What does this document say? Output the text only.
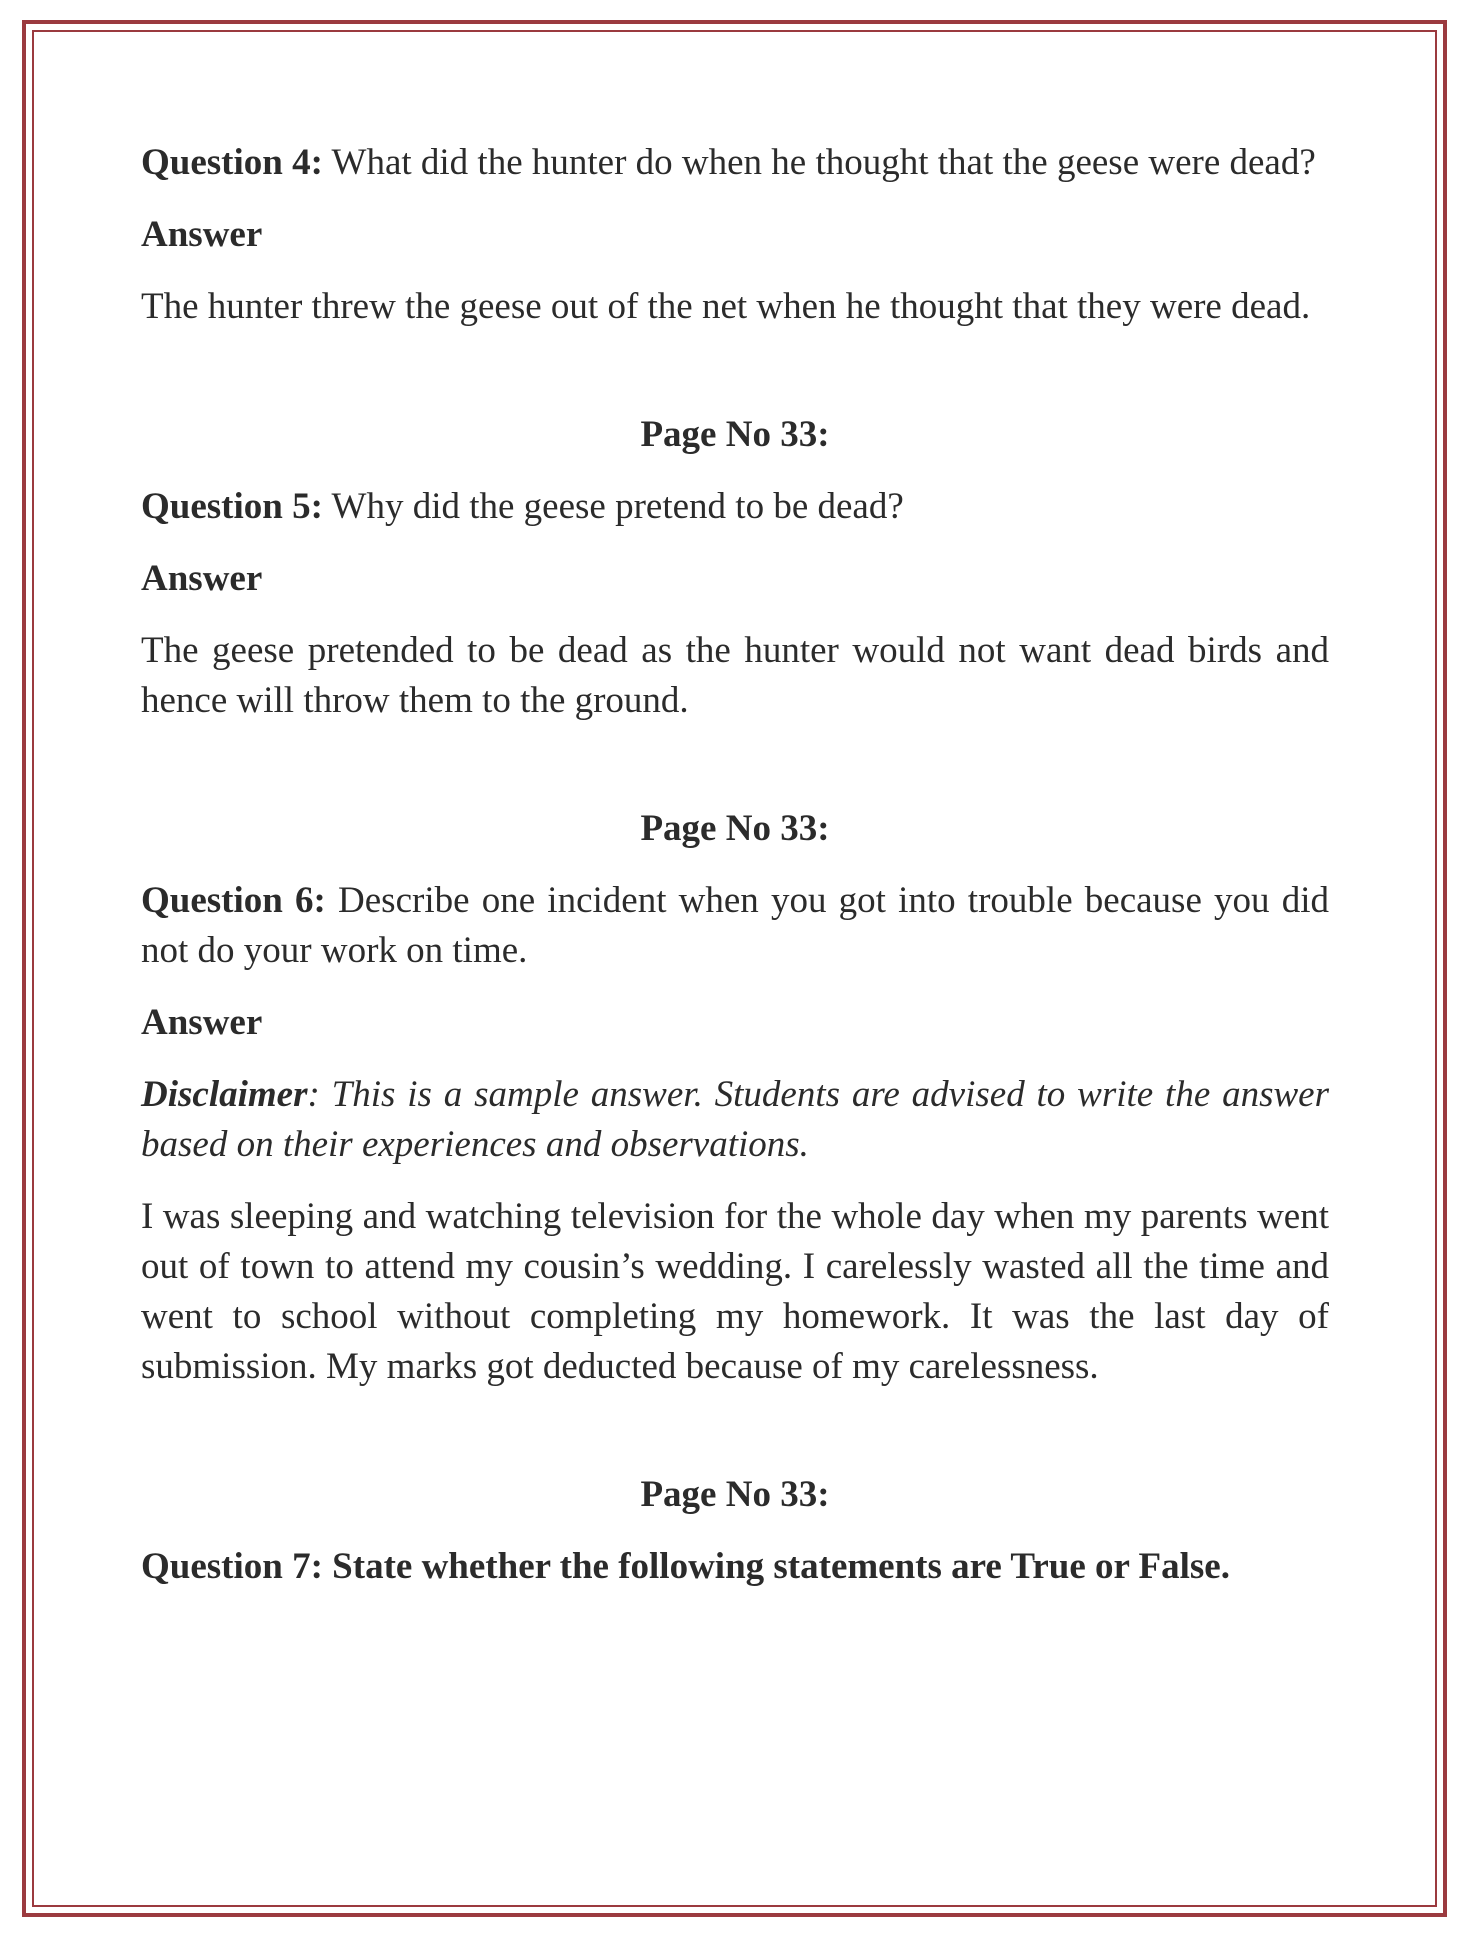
Question 4: What did the hunter do when he thought that the geese were dead?

Answer

The hunter threw the geese out of the net when he thought that they were dead.

Page No 33:

Question 5: Why did the geese pretend to be dead?

Answer

The geese pretended to be dead as the hunter would not want dead birds and hence will throw them to the ground.

Page No 33:

Question 6: Describe one incident when you got into trouble because you did not do your work on time.

Answer

Disclaimer: This is a sample answer. Students are advised to write the answer based on their experiences and observations.

I was sleeping and watching television for the whole day when my parents went out of town to attend my cousin’s wedding. I carelessly wasted all the time and went to school without completing my homework. It was the last day of submission. My marks got deducted because of my carelessness.

Page No 33:

Question 7: State whether the following statements are True or False.
